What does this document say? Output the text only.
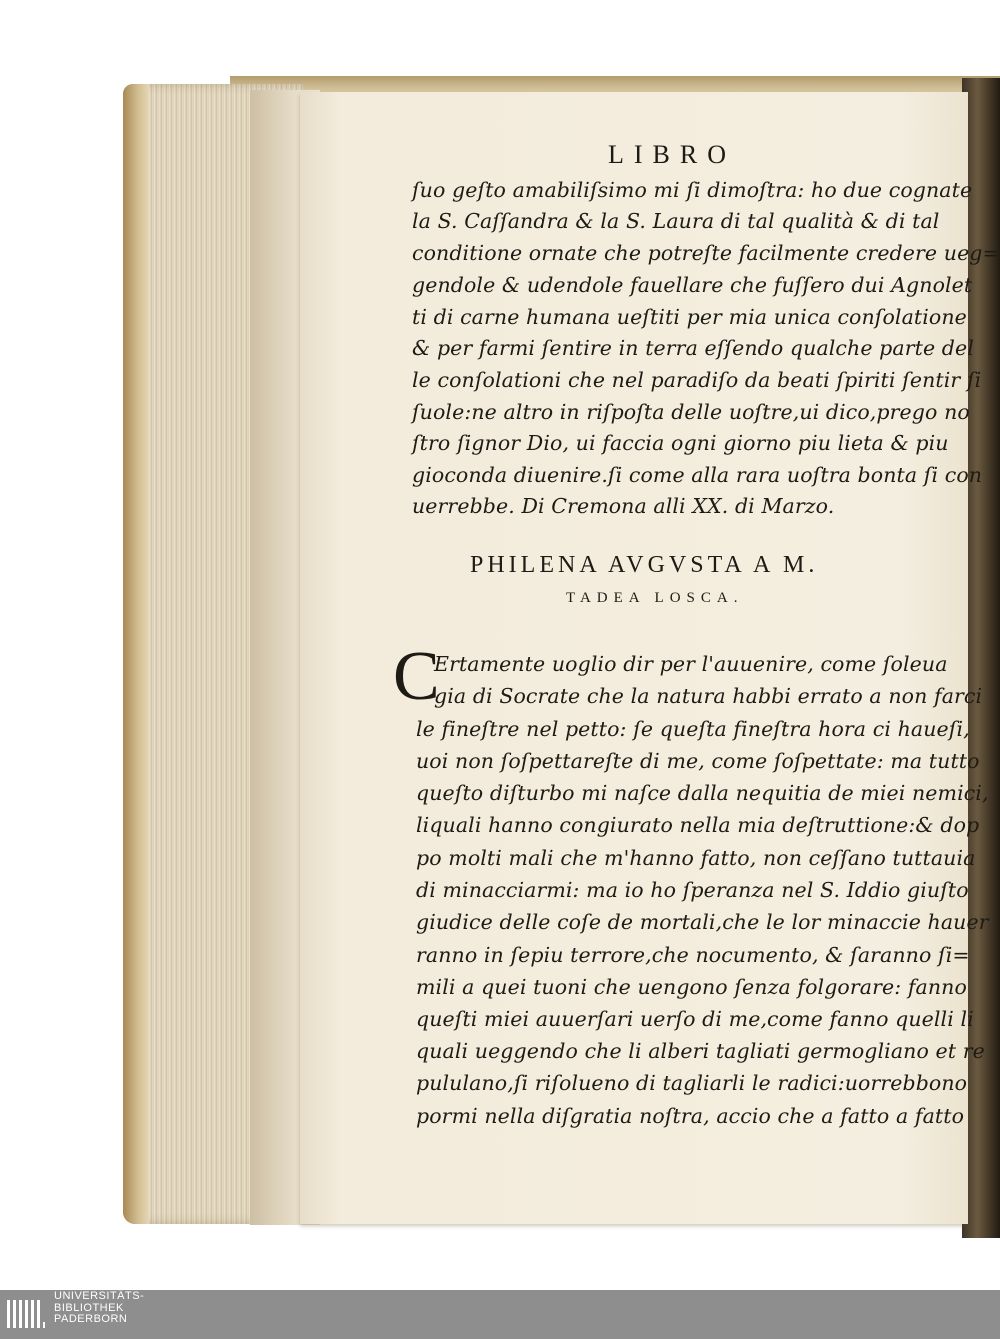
LIBRO
ſuo geſto amabiliſsimo mi ſi dimoſtra: ho due cognate
la S. Caſſandra & la S. Laura di tal qualità & di tal
conditione ornate che potreſte facilmente credere ueg=
gendole & udendole fauellare che fuſſero dui Agnolet
ti di carne humana ueſtiti per mia unica conſolatione
& per farmi ſentire in terra eſſendo qualche parte del
le conſolationi che nel paradiſo da beati ſpiriti ſentir ſi
ſuole:ne altro in riſpoſta delle uoſtre,ui dico,prego no
ſtro ſignor Dio, ui faccia ogni giorno piu lieta & piu
gioconda diuenire.ſi come alla rara uoſtra bonta ſi con
uerrebbe. Di Cremona alli XX. di Marzo.
PHILENA AVGVSTA A M.
TADEA LOSCA.
C
Ertamente uoglio dir per l'auuenire, come ſoleua
gia di Socrate che la natura habbi errato a non farci
le fineſtre nel petto: ſe queſta fineſtra hora ci haueſi,
uoi non ſoſpettareſte di me, come ſoſpettate: ma tutto
queſto diſturbo mi naſce dalla nequitia de miei nemici,
liquali hanno congiurato nella mia deſtruttione:& dop
po molti mali che m'hanno fatto, non ceſſano tuttauia
di minacciarmi: ma io ho ſperanza nel S. Iddio giuſto
giudice delle coſe de mortali,che le lor minaccie hauer
ranno in ſepiu terrore,che nocumento, & ſaranno ſi=
mili a quei tuoni che uengono ſenza folgorare: fanno
queſti miei auuerſari uerſo di me,come fanno quelli li
quali ueggendo che li alberi tagliati germogliano et re
pululano,ſi riſolueno di tagliarli le radici:uorrebbono
pormi nella diſgratia noſtra, accio che a fatto a fatto
UNIVERSITÄTS-
BIBLIOTHEK
PADERBORN
